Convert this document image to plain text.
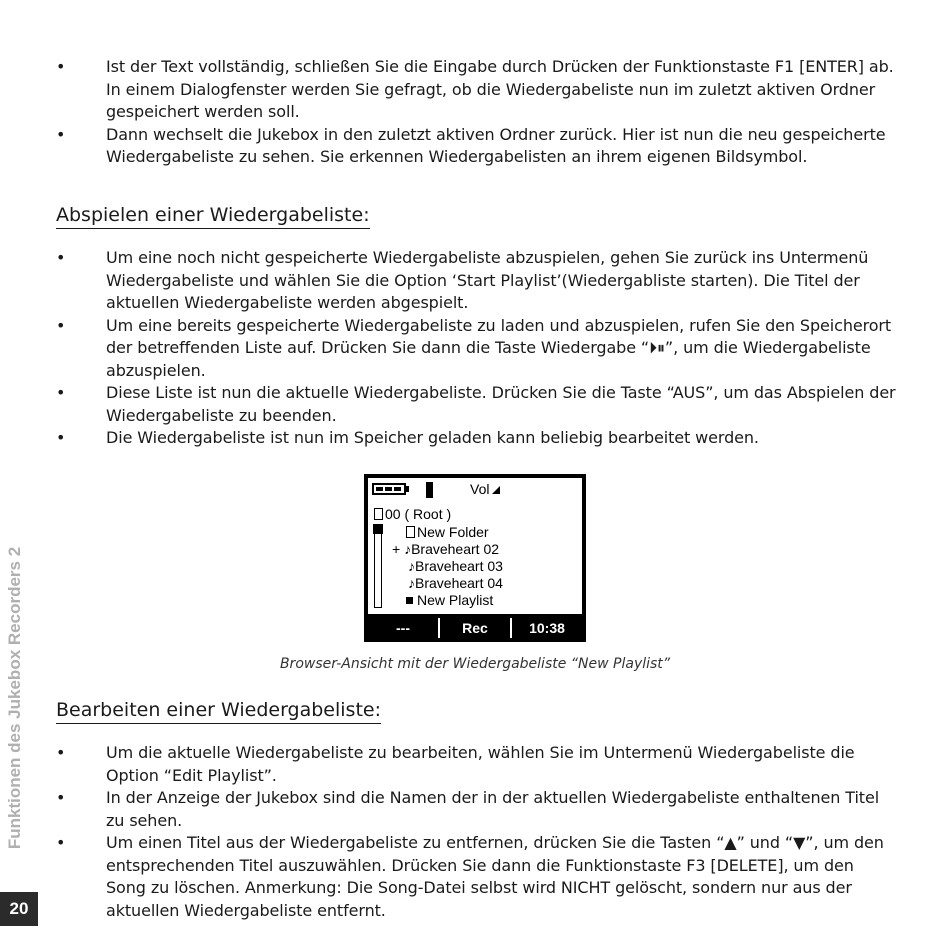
•	Ist der Text vollständig, schließen Sie die Eingabe durch Drücken der Funktionstaste F1 [ENTER] ab. In einem Dialogfenster werden Sie gefragt, ob die Wiedergabeliste nun im zuletzt aktiven Ordner gespeichert werden soll.
•	Dann wechselt die Jukebox in den zuletzt aktiven Ordner zurück. Hier ist nun die neu gespeicherte Wiedergabeliste zu sehen. Sie erkennen Wiedergabelisten an ihrem eigenen Bildsymbol.
Abspielen einer Wiedergabeliste:
•	Um eine noch nicht gespeicherte Wiedergabeliste abzuspielen, gehen Sie zurück ins Untermenü Wiedergabeliste und wählen Sie die Option ‘Start Playlist’(Wiedergabliste starten). Die Titel der aktuellen Wiedergabeliste werden abgespielt.
•	Um eine bereits gespeicherte Wiedergabeliste zu laden und abzuspielen, rufen Sie den Speicherort der betreffenden Liste auf. Drücken Sie dann die Taste Wiedergabe “⏵⏸”, um die Wiedergabeliste abzuspielen.
•	Diese Liste ist nun die aktuelle Wiedergabeliste. Drücken Sie die Taste “AUS”, um das Abspielen der Wiedergabeliste zu beenden.
•	Die Wiedergabeliste ist nun im Speicher geladen kann beliebig bearbeitet werden.
Vol
00 ( Root )
New Folder
+ ♪Braveheart 02
♪Braveheart 03
♪Braveheart 04
New Playlist
---	Rec	10:38
Browser-Ansicht mit der Wiedergabeliste “New Playlist”
Bearbeiten einer Wiedergabeliste:
•	Um die aktuelle Wiedergabeliste zu bearbeiten, wählen Sie im Untermenü Wiedergabeliste die Option “Edit Playlist”.
•	In der Anzeige der Jukebox sind die Namen der in der aktuellen Wiedergabeliste enthaltenen Titel zu sehen.
•	Um einen Titel aus der Wiedergabeliste zu entfernen, drücken Sie die Tasten “▲” und “▼”, um den entsprechenden Titel auszuwählen. Drücken Sie dann die Funktionstaste F3 [DELETE], um den Song zu löschen. Anmerkung: Die Song-Datei selbst wird NICHT gelöscht, sondern nur aus der aktuellen Wiedergabeliste entfernt.
Funktionen des Jukebox Recorders 2
20
